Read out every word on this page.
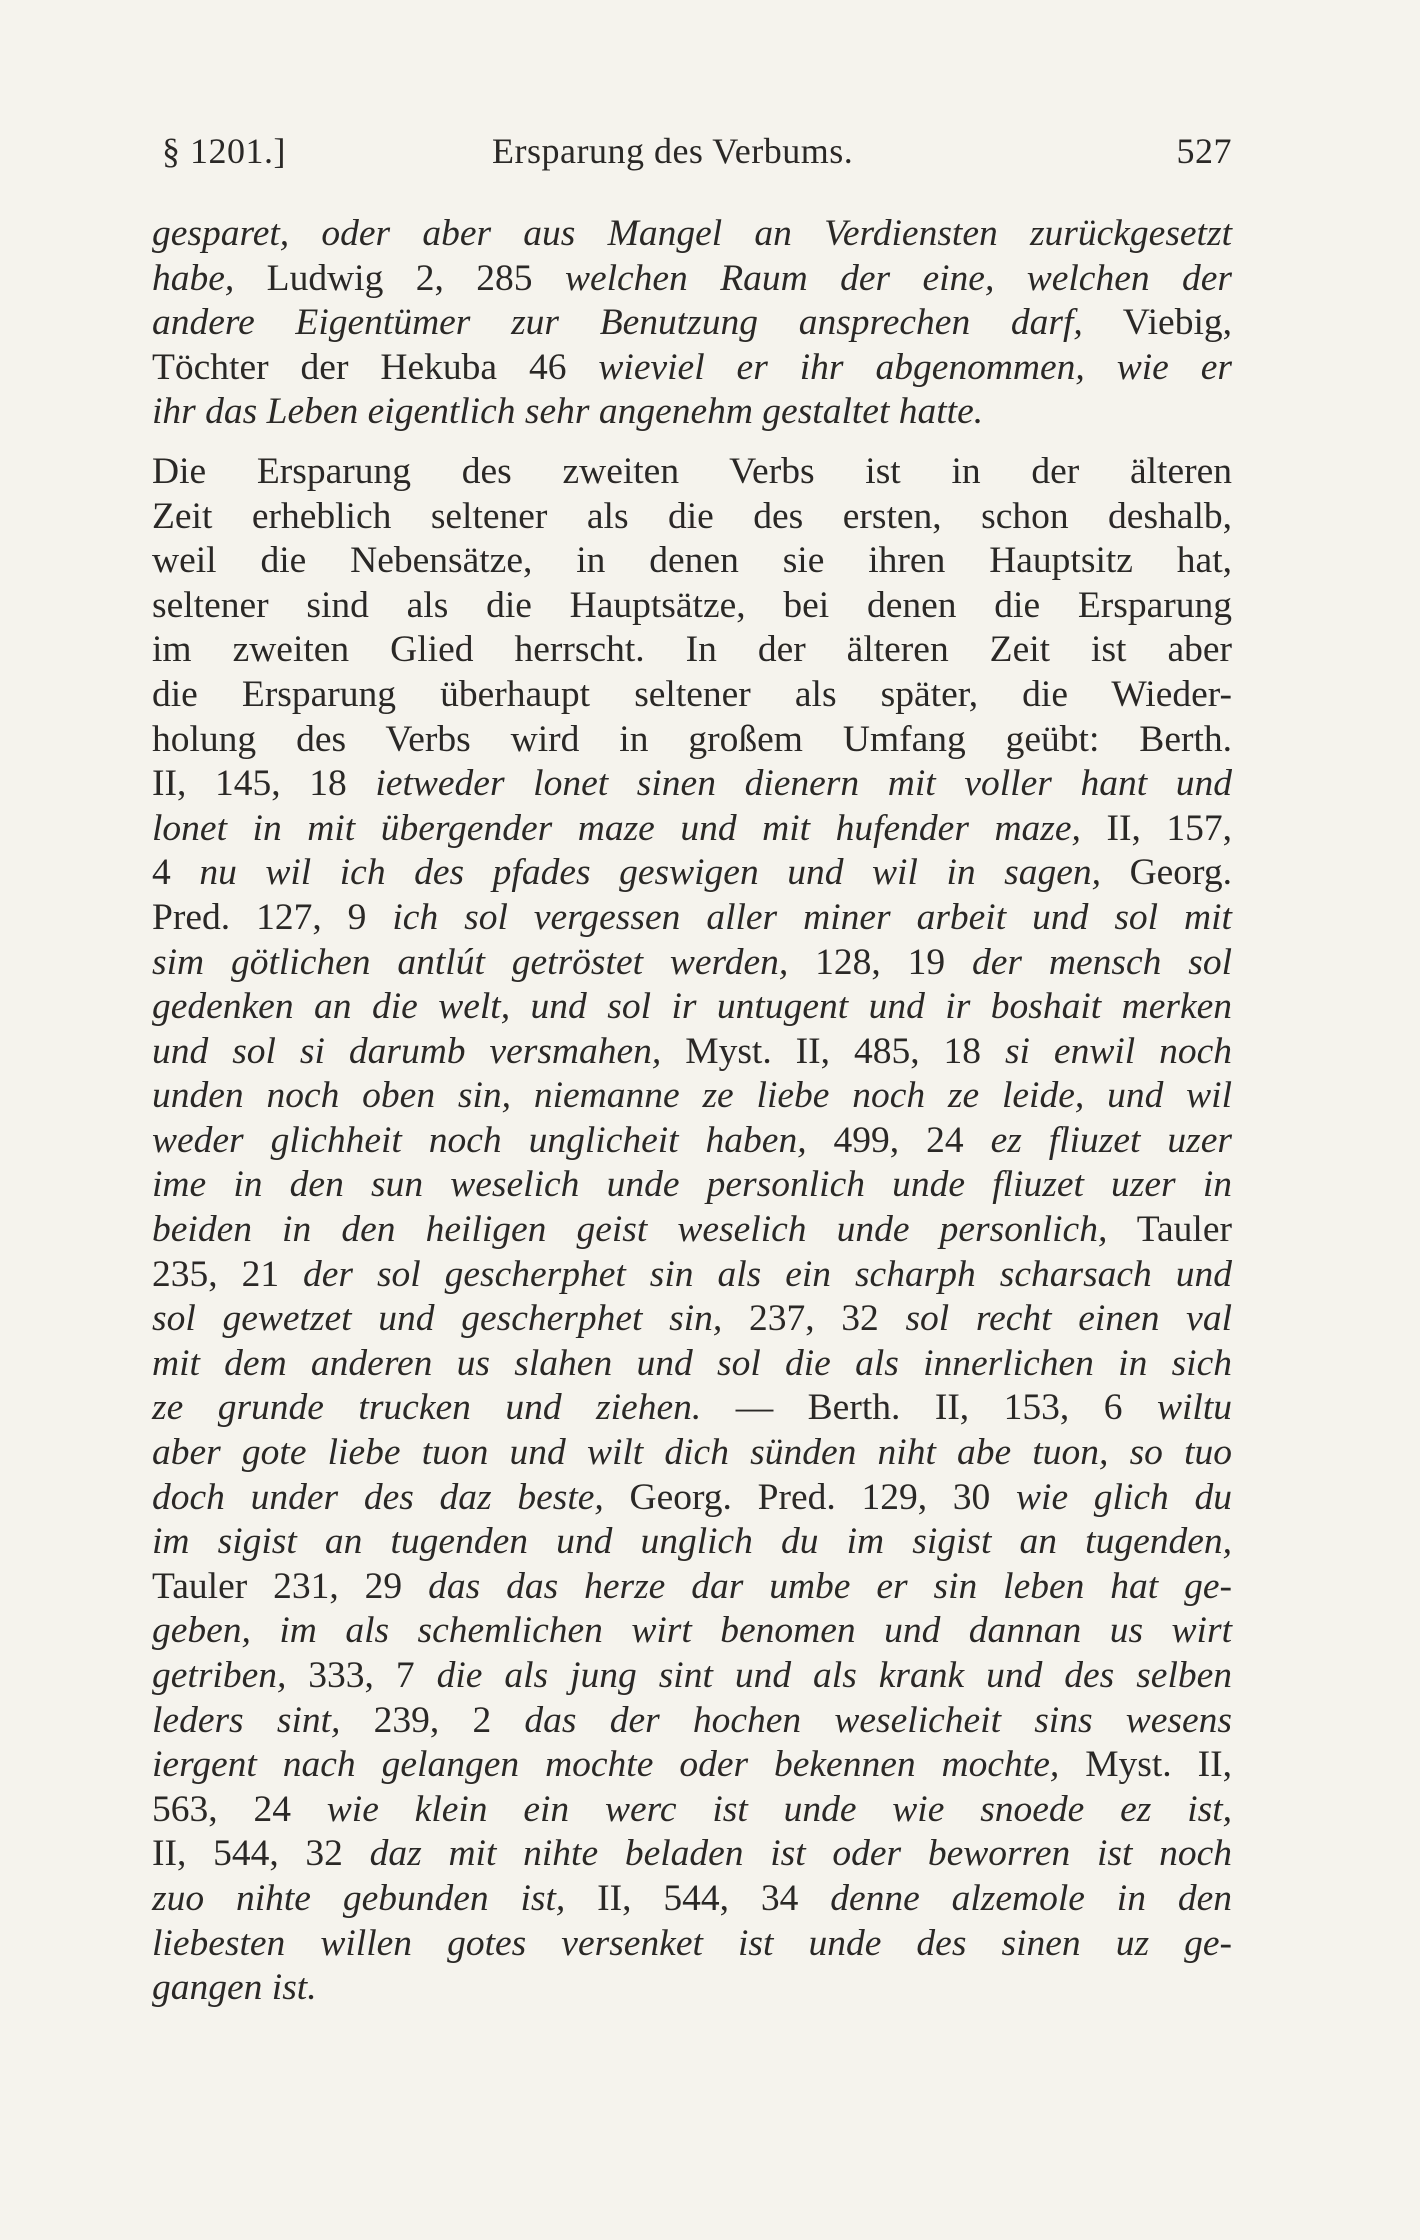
§ 1201.]	Ersparung des Verbums.	527
gesparet, oder aber aus Mangel an Verdiensten zurückgesetzt
habe, Ludwig 2, 285 welchen Raum der eine, welchen der
andere Eigentümer zur Benutzung ansprechen darf, Viebig,
Töchter der Hekuba 46 wieviel er ihr abgenommen, wie er
ihr das Leben eigentlich sehr angenehm gestaltet hatte.
Die Ersparung des zweiten Verbs ist in der älteren
Zeit erheblich seltener als die des ersten, schon deshalb,
weil die Nebensätze, in denen sie ihren Hauptsitz hat,
seltener sind als die Hauptsätze, bei denen die Ersparung
im zweiten Glied herrscht. In der älteren Zeit ist aber
die Ersparung überhaupt seltener als später, die Wieder-
holung des Verbs wird in großem Umfang geübt: Berth.
II, 145, 18 ietweder lonet sinen dienern mit voller hant und
lonet in mit übergender maze und mit hufender maze, II, 157,
4 nu wil ich des pfades geswigen und wil in sagen, Georg.
Pred. 127, 9 ich sol vergessen aller miner arbeit und sol mit
sim götlichen antlút getröstet werden, 128, 19 der mensch sol
gedenken an die welt, und sol ir untugent und ir boshait merken
und sol si darumb versmahen, Myst. II, 485, 18 si enwil noch
unden noch oben sin, niemanne ze liebe noch ze leide, und wil
weder glichheit noch unglicheit haben, 499, 24 ez fliuzet uzer
ime in den sun weselich unde personlich unde fliuzet uzer in
beiden in den heiligen geist weselich unde personlich, Tauler
235, 21 der sol gescherphet sin als ein scharph scharsach und
sol gewetzet und gescherphet sin, 237, 32 sol recht einen val
mit dem anderen us slahen und sol die als innerlichen in sich
ze grunde trucken und ziehen. — Berth. II, 153, 6 wiltu
aber gote liebe tuon und wilt dich sünden niht abe tuon, so tuo
doch under des daz beste, Georg. Pred. 129, 30 wie glich du
im sigist an tugenden und unglich du im sigist an tugenden,
Tauler 231, 29 das das herze dar umbe er sin leben hat ge-
geben, im als schemlichen wirt benomen und dannan us wirt
getriben, 333, 7 die als jung sint und als krank und des selben
leders sint, 239, 2 das der hochen weselicheit sins wesens
iergent nach gelangen mochte oder bekennen mochte, Myst. II,
563, 24 wie klein ein werc ist unde wie snoede ez ist,
II, 544, 32 daz mit nihte beladen ist oder beworren ist noch
zuo nihte gebunden ist, II, 544, 34 denne alzemole in den
liebesten willen gotes versenket ist unde des sinen uz ge-
gangen ist.
